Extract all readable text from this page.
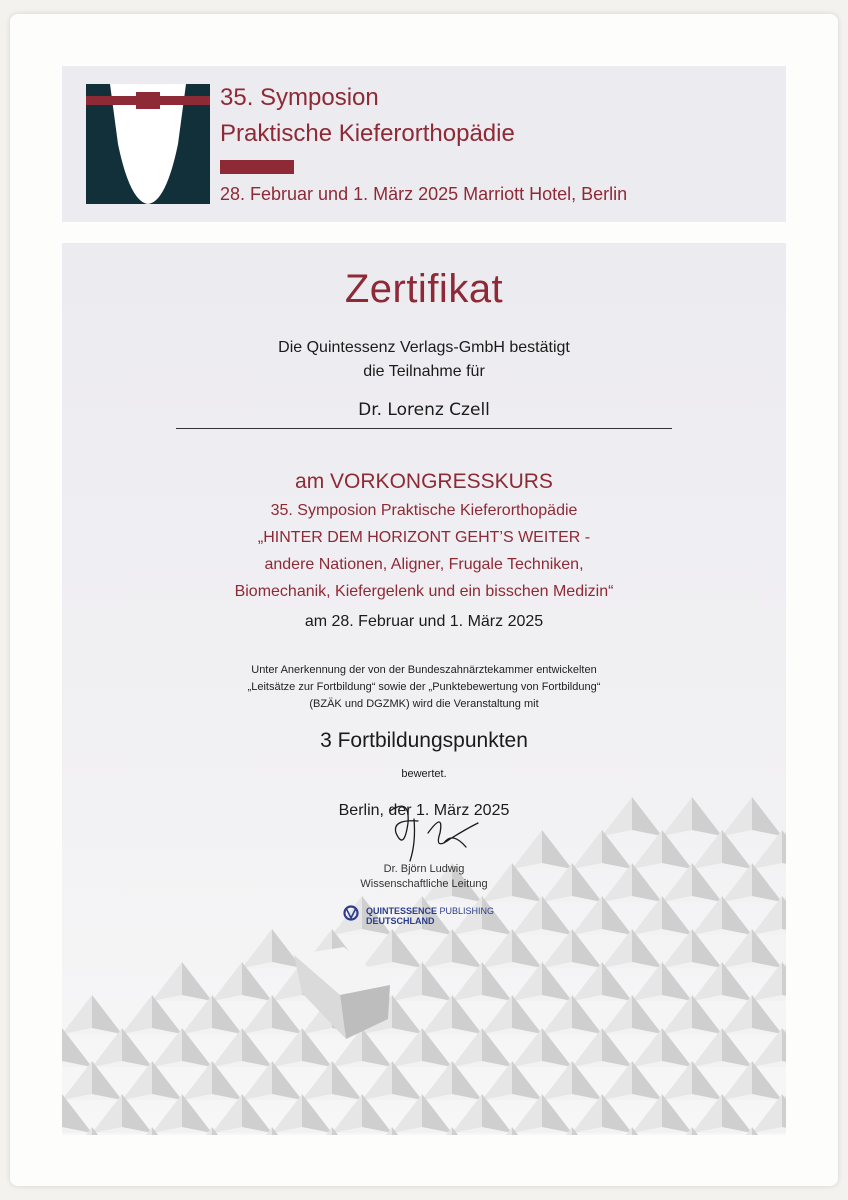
35. Symposion
Praktische Kieferorthopädie
28. Februar und 1. März 2025 Marriott Hotel, Berlin
Zertifikat
Die Quintessenz Verlags-GmbH bestätigt
die Teilnahme für
Dr. Lorenz Czell
am VORKONGRESSKURS
35. Symposion Praktische Kieferorthopädie
„HINTER DEM HORIZONT GEHT’S WEITER -
andere Nationen, Aligner, Frugale Techniken,
Biomechanik, Kiefergelenk und ein bisschen Medizin“
am 28. Februar und 1. März 2025
Unter Anerkennung der von der Bundeszahnärztekammer entwickelten
„Leitsätze zur Fortbildung“ sowie der „Punktebewertung von Fortbildung“
(BZÄK und DGZMK) wird die Veranstaltung mit
3 Fortbildungspunkten
bewertet.
Berlin, der 1. März 2025
Dr. Björn Ludwig
Wissenschaftliche Leitung
QUINTESSENCE PUBLISHING
DEUTSCHLAND
